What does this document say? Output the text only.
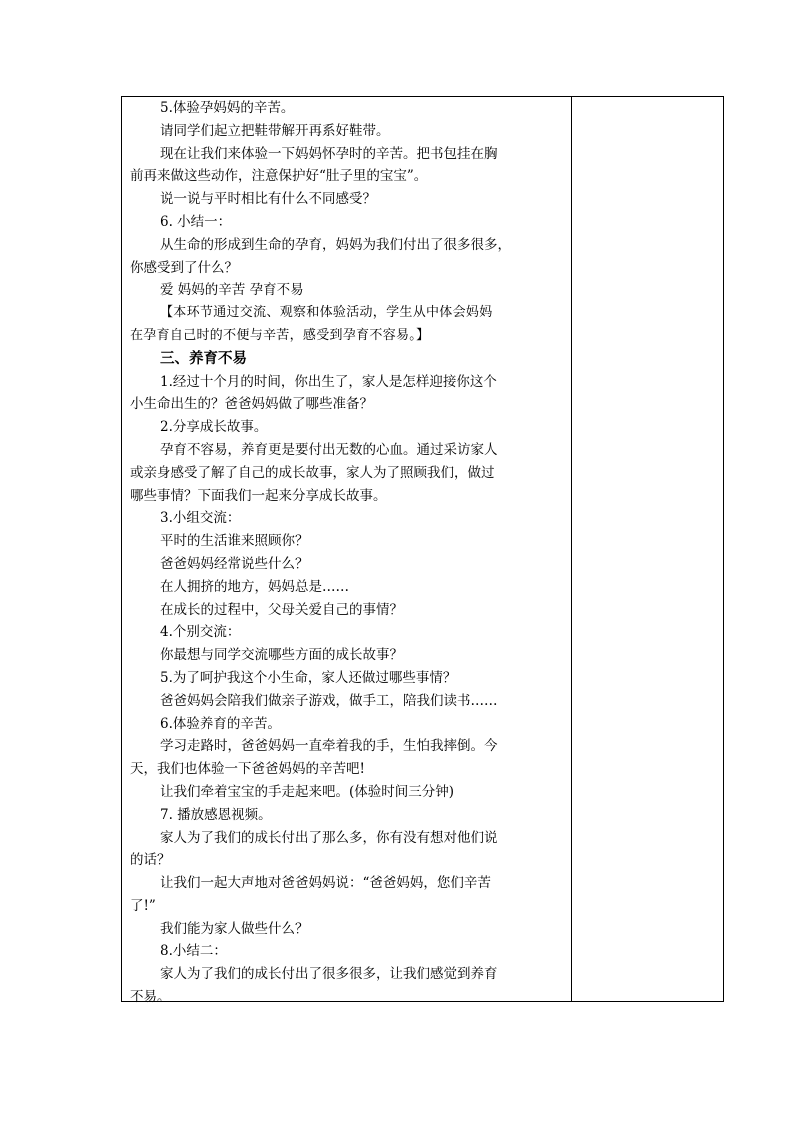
5.体验孕妈妈的辛苦。
请同学们起立把鞋带解开再系好鞋带。
现在让我们来体验一下妈妈怀孕时的辛苦。把书包挂在胸
前再来做这些动作，注意保护好“肚子里的宝宝”。
说一说与平时相比有什么不同感受？
6. 小结一：
从生命的形成到生命的孕育，妈妈为我们付出了很多很多，
你感受到了什么？
爱 妈妈的辛苦 孕育不易
【本环节通过交流、观察和体验活动，学生从中体会妈妈
在孕育自己时的不便与辛苦，感受到孕育不容易。】
三、养育不易
1.经过十个月的时间，你出生了，家人是怎样迎接你这个
小生命出生的？爸爸妈妈做了哪些准备？
2.分享成长故事。
孕育不容易，养育更是要付出无数的心血。通过采访家人
或亲身感受了解了自己的成长故事，家人为了照顾我们，做过
哪些事情？下面我们一起来分享成长故事。
3.小组交流：
平时的生活谁来照顾你？
爸爸妈妈经常说些什么？
在人拥挤的地方，妈妈总是……
在成长的过程中，父母关爱自己的事情？
4.个别交流：
你最想与同学交流哪些方面的成长故事？
5.为了呵护我这个小生命，家人还做过哪些事情？
爸爸妈妈会陪我们做亲子游戏，做手工，陪我们读书……
6.体验养育的辛苦。
学习走路时，爸爸妈妈一直牵着我的手，生怕我摔倒。今
天，我们也体验一下爸爸妈妈的辛苦吧!
让我们牵着宝宝的手走起来吧。(体验时间三分钟)
7. 播放感恩视频。
家人为了我们的成长付出了那么多，你有没有想对他们说
的话？
让我们一起大声地对爸爸妈妈说：“爸爸妈妈，您们辛苦
了!”
我们能为家人做些什么？
8.小结二：
家人为了我们的成长付出了很多很多，让我们感觉到养育
不易。
